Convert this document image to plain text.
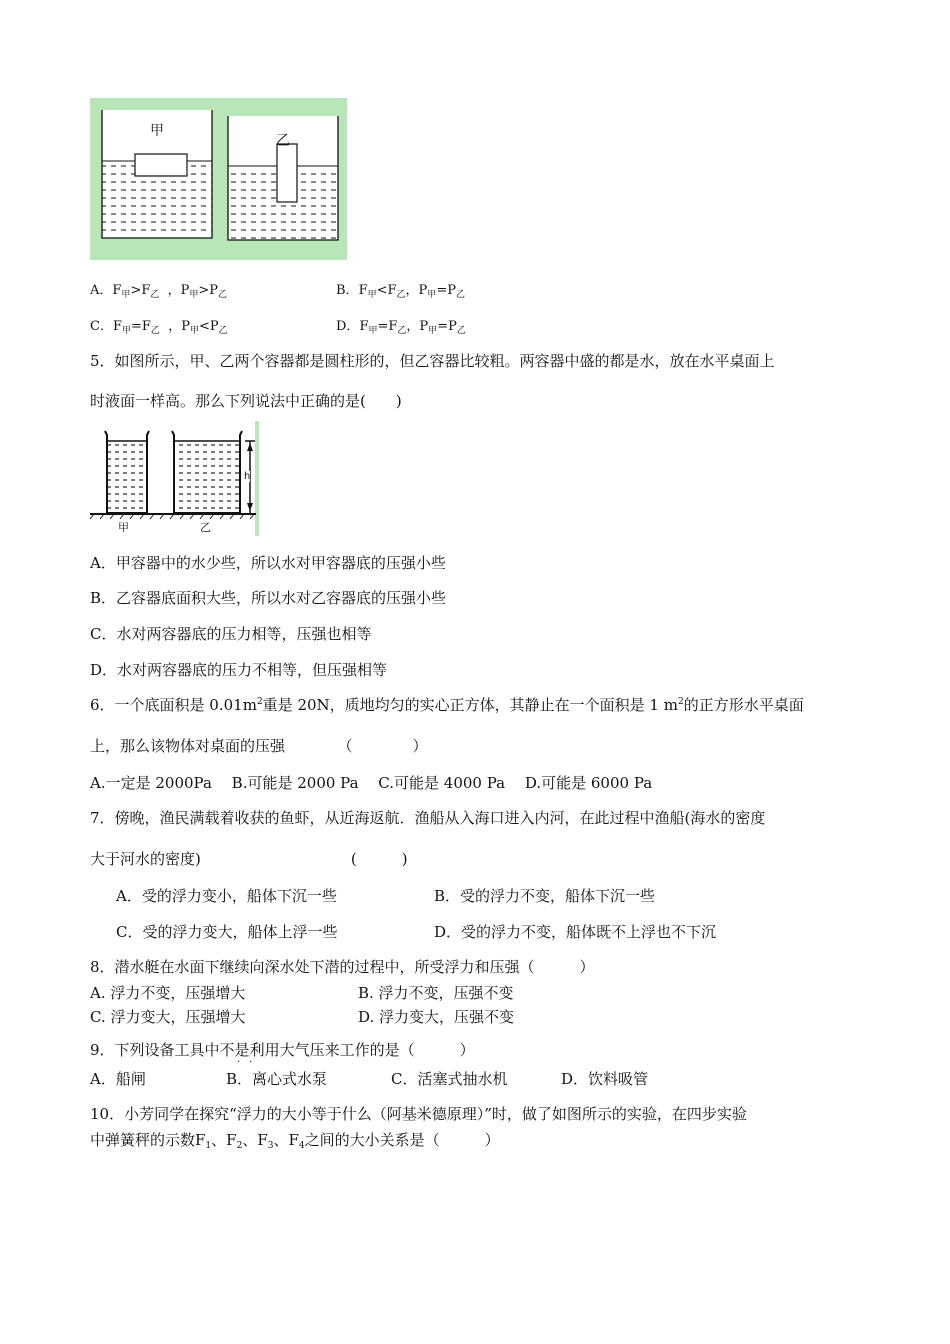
甲
乙
A．$F_甲>F_乙$  ，$P_甲>P_乙$	B．$F_甲<F_乙$，$P_甲=P_乙$
C．$F_甲=F_乙$  ，$P_甲<P_乙$	D．$F_甲=F_乙$，$P_甲=P_乙$
5．如图所示，甲、乙两个容器都是圆柱形的，但乙容器比较粗。两容器中盛的都是水，放在水平桌面上
时液面一样高。那么下列说法中正确的是(　　)
甲	乙
h
A．甲容器中的水少些，所以水对甲容器底的压强小些
B．乙容器底面积大些，所以水对乙容器底的压强小些
C．水对两容器底的压力相等，压强也相等
D．水对两容器底的压力不相等，但压强相等
6．一个底面积是 $0.01m^2$重是 20N，质地均匀的实心正方体，其静止在一个面积是 1 $m^2$的正方形水平桌面
上，那么该物体对桌面的压强　　　　（　　　　）
A.一定是 2000Pa　 B.可能是 2000 Pa　 C.可能是 4000 Pa　 D.可能是 6000 Pa
7．傍晚，渔民满载着收获的鱼虾，从近海返航．渔船从入海口进入内河，在此过程中渔船(海水的密度
大于河水的密度)　　　　　　　　　　(　　　)
A．受的浮力变小，船体下沉一些	B．受的浮力不变，船体下沉一些
C．受的浮力变大，船体上浮一些	D．受的浮力不变，船体既不上浮也不下沉
8．潜水艇在水面下继续向深水处下潜的过程中，所受浮力和压强（　　　）
A. 浮力不变，压强增大	B. 浮力不变，压强不变
C. 浮力变大，压强增大	D. 浮力变大，压强不变
9．下列设备工具中不是利用大气压来工作的是（　　　）
··
A．船闸	B．离心式水泵	C．活塞式抽水机	D．饮料吸管
10．小芳同学在探究“浮力的大小等于什么（阿基米德原理）”时，做了如图所示的实验，在四步实验
中弹簧秤的示数$F_1$、$F_2$、$F_3$、$F_4$之间的大小关系是（　　　）
